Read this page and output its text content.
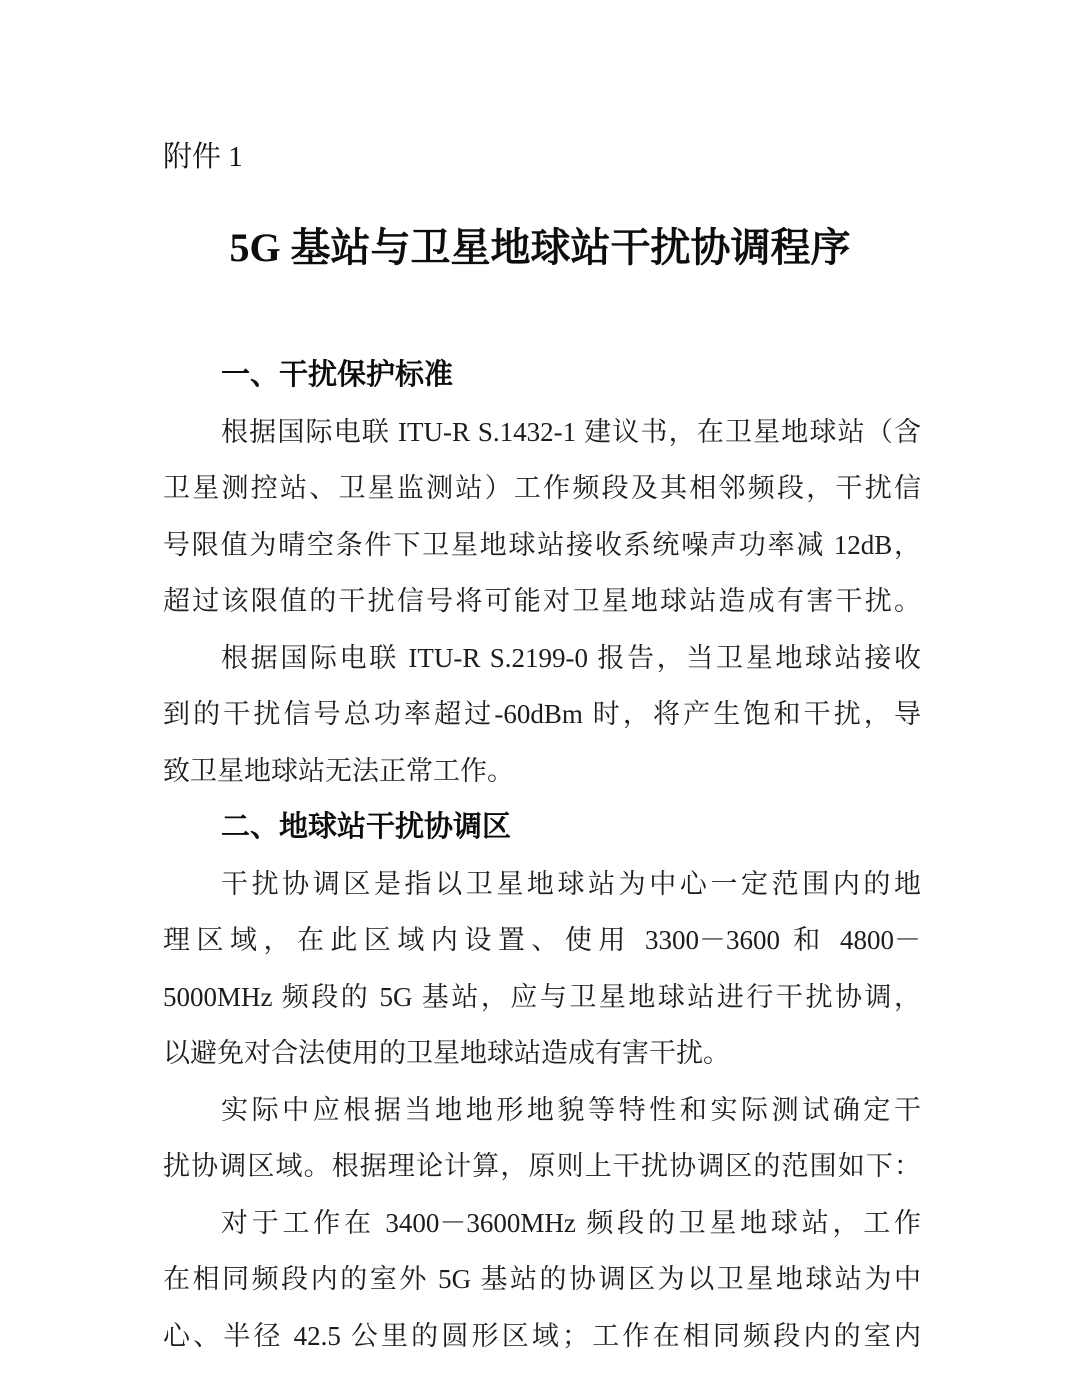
附件 1
5G 基站与卫星地球站干扰协调程序
一、干扰保护标准
根据国际电联 ITU-R S.1432-1 建议书，在卫星地球站（含
卫星测控站、卫星监测站）工作频段及其相邻频段，干扰信
号限值为晴空条件下卫星地球站接收系统噪声功率减 12dB，
超过该限值的干扰信号将可能对卫星地球站造成有害干扰。
根据国际电联 ITU-R S.2199-0 报告，当卫星地球站接收
到的干扰信号总功率超过-60dBm 时，将产生饱和干扰，导
致卫星地球站无法正常工作。
二、地球站干扰协调区
干扰协调区是指以卫星地球站为中心一定范围内的地
理区域，在此区域内设置、使用 3300－3600 和 4800－
5000MHz 频段的 5G 基站，应与卫星地球站进行干扰协调，
以避免对合法使用的卫星地球站造成有害干扰。
实际中应根据当地地形地貌等特性和实际测试确定干
扰协调区域。根据理论计算，原则上干扰协调区的范围如下：
对于工作在 3400－3600MHz 频段的卫星地球站，工作
在相同频段内的室外 5G 基站的协调区为以卫星地球站为中
心、半径 42.5 公里的圆形区域；工作在相同频段内的室内
